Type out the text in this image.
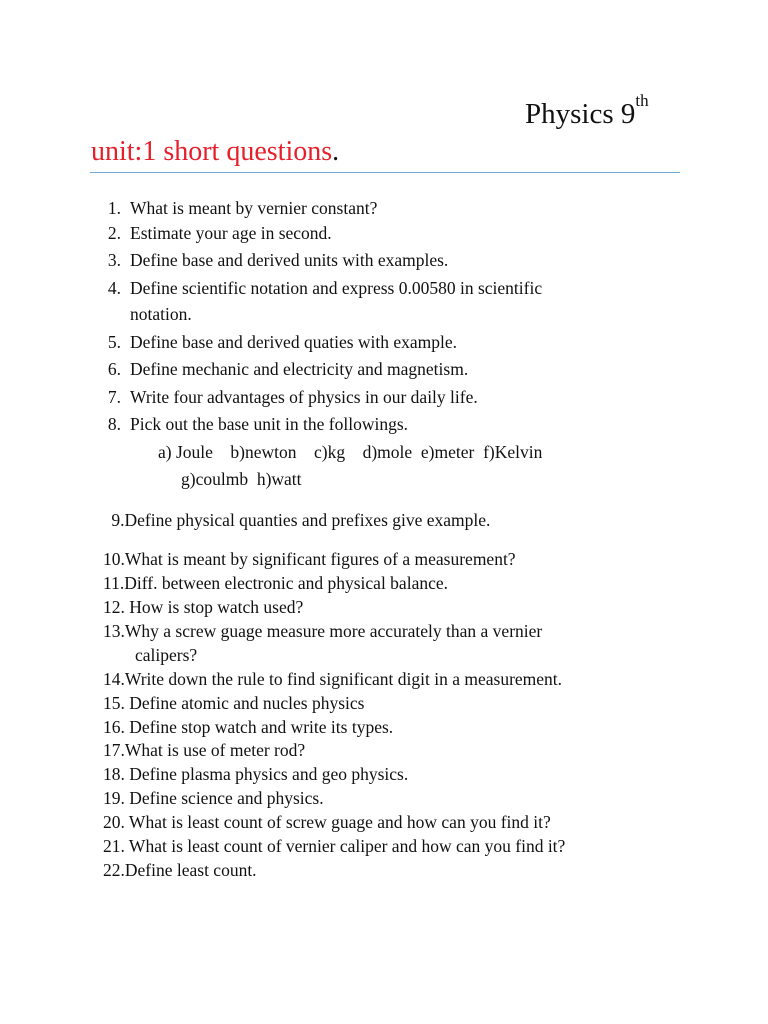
Physics 9th
unit:1 short questions.
1. What is meant by vernier constant?
2. Estimate your age in second.
3. Define base and derived units with examples.
4. Define scientific notation and express 0.00580 in scientific
notation.
5. Define base and derived quaties with example.
6. Define mechanic and electricity and magnetism.
7. Write four advantages of physics in our daily life.
8. Pick out the base unit in the followings.
a) Joule    b)newton    c)kg    d)mole  e)meter  f)Kelvin
g)coulmb  h)watt
9.Define physical quanties and prefixes give example.
10.What is meant by significant figures of a measurement?
11.Diff. between electronic and physical balance.
12. How is stop watch used?
13.Why a screw guage measure more accurately than a vernier
calipers?
14.Write down the rule to find significant digit in a measurement.
15. Define atomic and nucles physics
16. Define stop watch and write its types.
17.What is use of meter rod?
18. Define plasma physics and geo physics.
19. Define science and physics.
20. What is least count of screw guage and how can you find it?
21. What is least count of vernier caliper and how can you find it?
22.Define least count.
